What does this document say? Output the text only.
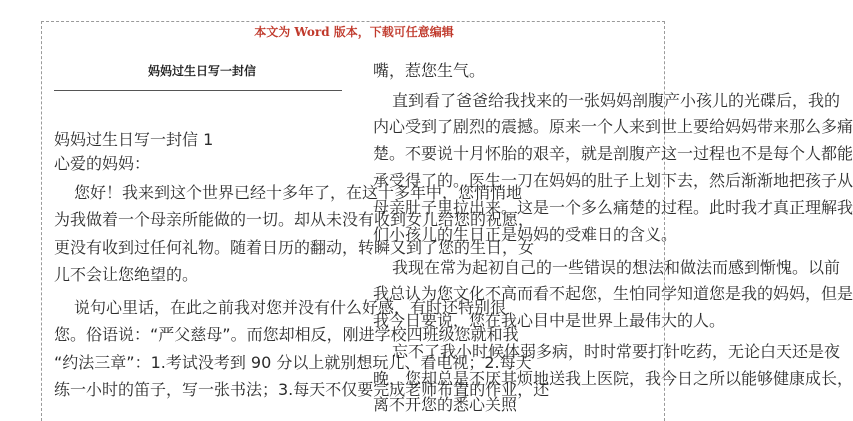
本文为 Word 版本，下载可任意编辑
妈妈过生日写一封信
妈妈过生日写一封信 1
心爱的妈妈：
您好！我来到这个世界已经十多年了，在这十多年中，您悄悄地
为我做着一个母亲所能做的一切。却从未没有收到女儿给您的祝愿，
更没有收到过任何礼物。随着日历的翻动，转瞬又到了您的生日，女
儿不会让您绝望的。
说句心里话，在此之前我对您并没有什么好感，有时还特别很
您。俗语说：“严父慈母”。而您却相反，刚进学校四班级您就和我
“约法三章”：1.考试没考到 90 分以上就别想玩儿、看电视；2.每天
练一小时的笛子，写一张书法；3.每天不仅要完成老师布置的作业，还
嘴，惹您生气。
直到看了爸爸给我找来的一张妈妈剖腹产小孩儿的光碟后，我的
内心受到了剧烈的震撼。原来一个人来到世上要给妈妈带来那么多痛
楚。不要说十月怀胎的艰辛，就是剖腹产这一过程也不是每个人都能
承受得了的。医生一刀在妈妈的肚子上划下去，然后渐渐地把孩子从
母亲肚子里拉出来。这是一个多么痛楚的过程。此时我才真正理解我
们小孩儿的生日正是妈妈的受难日的含义。
我现在常为起初自己的一些错误的想法和做法而感到惭愧。以前
我总认为您文化不高而看不起您，生怕同学知道您是我的妈妈，但是
我今日要说，您在我心目中是世界上最伟大的人。
忘不了我小时候体弱多病，时时常要打针吃药，无论白天还是夜
晚，您却总是不厌其烦地送我上医院，我今日之所以能够健康成长，
离不开您的悉心关照
